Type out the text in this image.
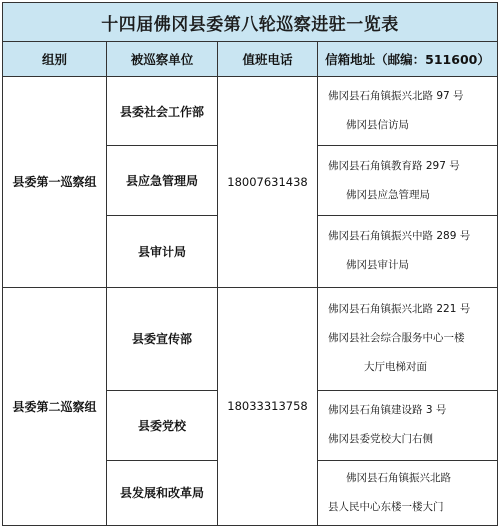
十四届佛冈县委第八轮巡察进驻一览表			
组别	被巡察单位	值班电话	信箱地址（邮编：511600）
县委第一巡察组	县委社会工作部	18007631438	佛冈县石角镇振兴北路 97 号
佛冈县信访局

	县应急管理局		佛冈县石角镇教育路 297 号
佛冈县应急管理局

	县审计局		佛冈县石角镇振兴中路 289 号
佛冈县审计局

县委第二巡察组	县委宣传部	18033313758	佛冈县石角镇振兴北路 221 号
佛冈县社会综合服务中心一楼
大厅电梯对面

	县委党校		佛冈县石角镇建设路 3 号
佛冈县委党校大门右侧

	县发展和改革局		佛冈县石角镇振兴北路
县人民中心东楼一楼大门
